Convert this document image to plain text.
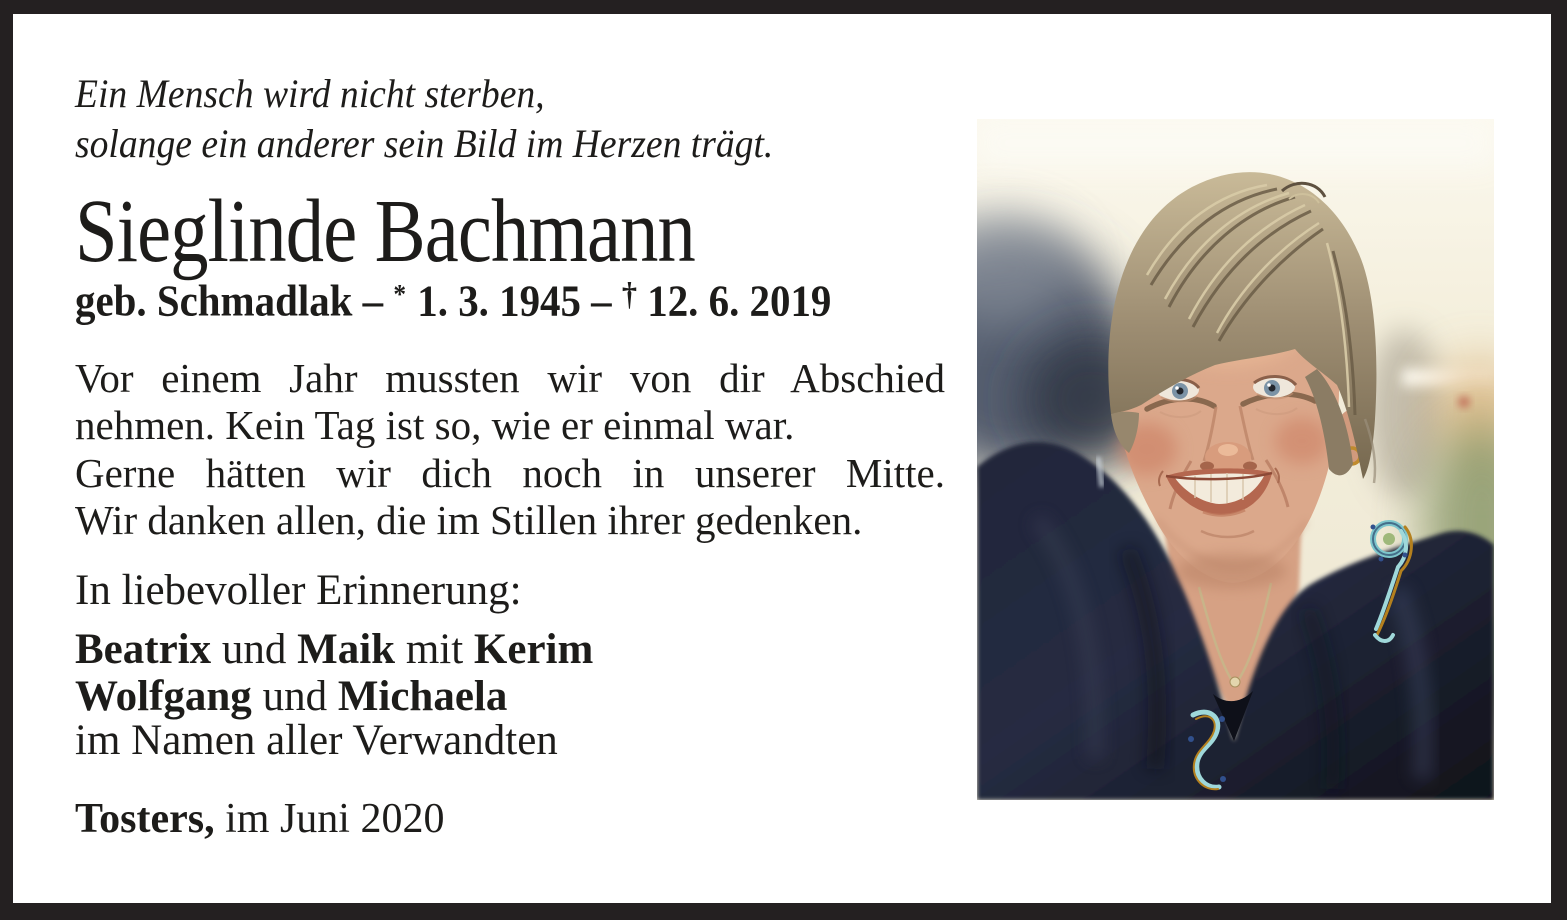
Ein Mensch wird nicht sterben,
solange ein anderer sein Bild im Herzen trägt.
Sieglinde Bachmann
geb. Schmadlak – * 1. 3. 1945 – † 12. 6. 2019
Vor einem Jahr mussten wir von dir Abschied
nehmen. Kein Tag ist so, wie er einmal war.
Gerne hätten wir dich noch in unserer Mitte.
Wir danken allen, die im Stillen ihrer gedenken.
In liebevoller Erinnerung:
Beatrix und Maik mit Kerim
Wolfgang und Michaela
im Namen aller Verwandten
Tosters, im Juni 2020
